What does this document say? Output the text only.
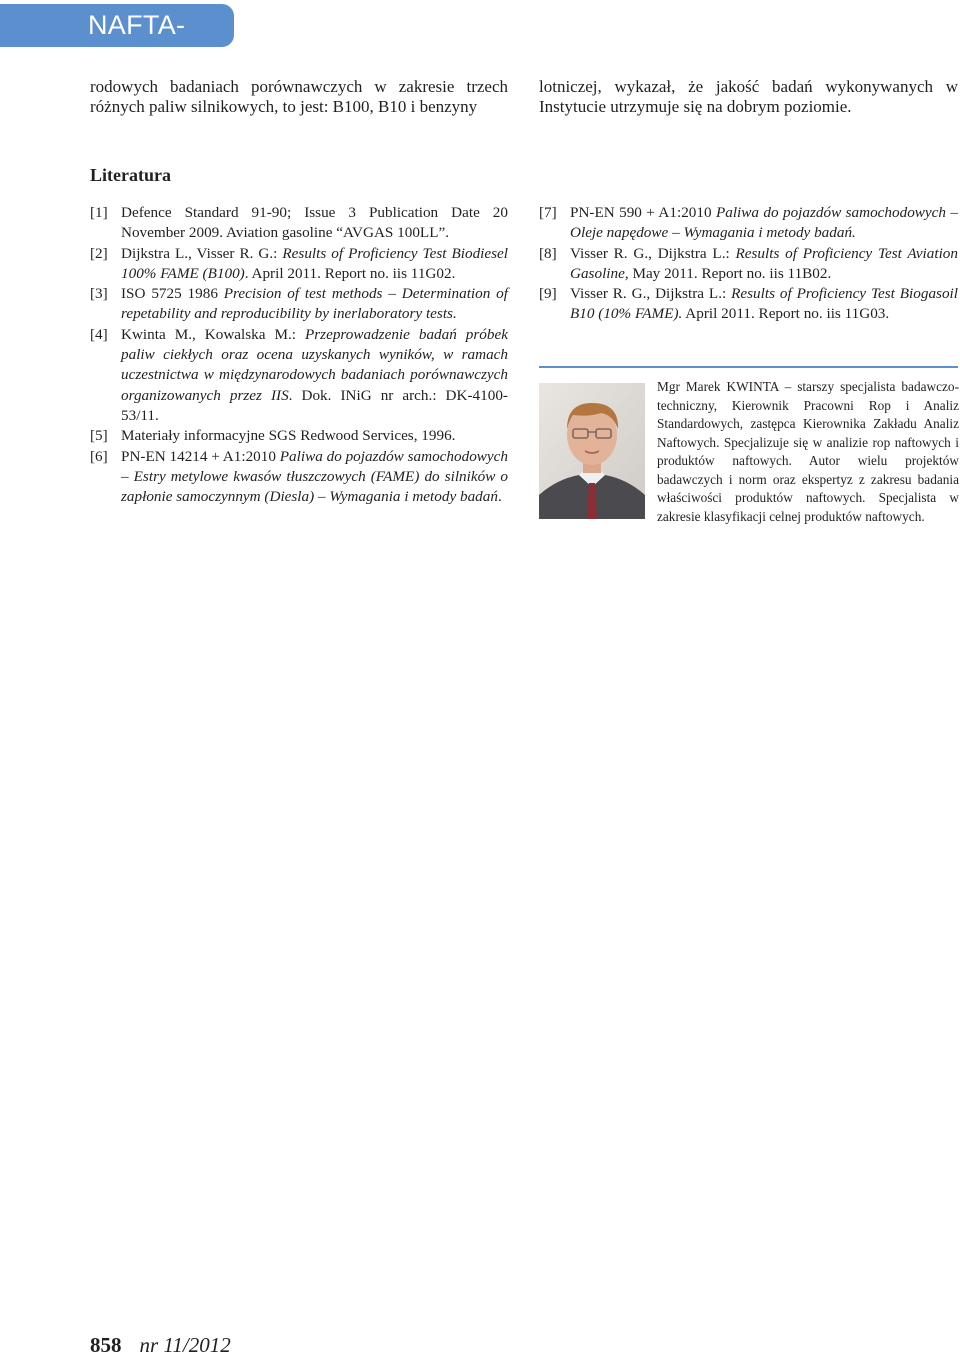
NAFTA-GAZ
rodowych badaniach porównawczych w zakresie trzech różnych paliw silnikowych, to jest: B100, B10 i benzyny
lotniczej, wykazał, że jakość badań wykonywanych w Instytucie utrzymuje się na dobrym poziomie.
Literatura

[1] Defence Standard 91-90; Issue 3 Publication Date 20 November 2009. Aviation gasoline “AVGAS 100LL”.

[2] Dijkstra L., Visser R. G.: Results of Proficiency Test Biodiesel 100% FAME (B100). April 2011. Report no. iis 11G02.

[3] ISO 5725 1986 Precision of test methods – Determination of repetability and reproducibility by inerlaboratory tests.

[4] Kwinta M., Kowalska M.: Przeprowadzenie badań próbek paliw ciekłych oraz ocena uzyskanych wyników, w ramach uczestnictwa w międzynarodowych badaniach porównawczych organizowanych przez IIS. Dok. INiG nr arch.: DK-4100-53/11.

[5] Materiały informacyjne SGS Redwood Services, 1996.

[6] PN-EN 14214 + A1:2010 Paliwa do pojazdów samochodowych – Estry metylowe kwasów tłuszczowych (FAME) do silników o zapłonie samoczynnym (Diesla) – Wymagania i metody badań.

[7] PN-EN 590 + A1:2010 Paliwa do pojazdów samochodowych – Oleje napędowe – Wymagania i metody badań.

[8] Visser R. G., Dijkstra L.: Results of Proficiency Test Aviation Gasoline, May 2011. Report no. iis 11B02.

[9] Visser R. G., Dijkstra L.: Results of Proficiency Test Biogasoil B10 (10% FAME). April 2011. Report no. iis 11G03.

Mgr Marek KWINTA – starszy specjalista badawczo-techniczny, Kierownik Pracowni Rop i Analiz Standardowych, zastępca Kierownika Zakładu Analiz Naftowych. Specjalizuje się w analizie rop naftowych i produktów naftowych. Autor wielu projektów badawczych i norm oraz ekspertyz z zakresu badania właściwości produktów naftowych. Specjalista w zakresie klasyfikacji celnej produktów naftowych.
858 nr 11/2012
